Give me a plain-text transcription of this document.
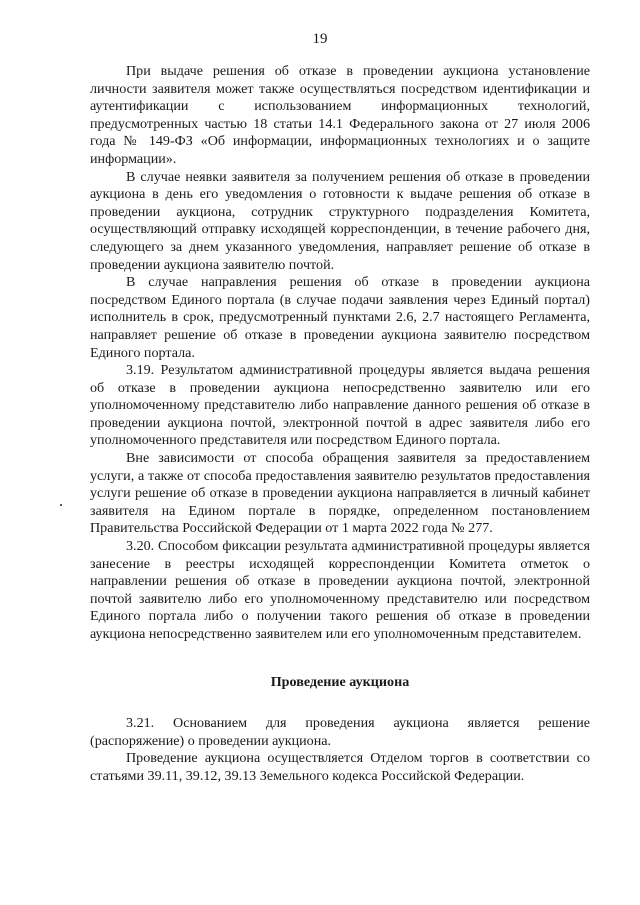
19

При выдаче решения об отказе в проведении аукциона установление личности заявителя может также осуществляться посредством идентификации и аутентификации с использованием информационных технологий, предусмотренных частью 18 статьи 14.1 Федерального закона от 27 июля 2006 года № 149-ФЗ «Об информации, информационных технологиях и о защите информации».

В случае неявки заявителя за получением решения об отказе в проведении аукциона в день его уведомления о готовности к выдаче решения об отказе в проведении аукциона, сотрудник структурного подразделения Комитета, осуществляющий отправку исходящей корреспонденции, в течение рабочего дня, следующего за днем указанного уведомления, направляет решение об отказе в проведении аукциона заявителю почтой.

В случае направления решения об отказе в проведении аукциона посредством Единого портала (в случае подачи заявления через Единый портал) исполнитель в срок, предусмотренный пунктами 2.6, 2.7 настоящего Регламента, направляет решение об отказе в проведении аукциона заявителю посредством Единого портала.

3.19. Результатом административной процедуры является выдача решения об отказе в проведении аукциона непосредственно заявителю или его уполномоченному представителю либо направление данного решения об отказе в проведении аукциона почтой, электронной почтой в адрес заявителя либо его уполномоченного представителя или посредством Единого портала.

Вне зависимости от способа обращения заявителя за предоставлением услуги, а также от способа предоставления заявителю результатов предоставления услуги решение об отказе в проведении аукциона направляется в личный кабинет заявителя на Едином портале в порядке, определенном постановлением Правительства Российской Федерации от 1 марта 2022 года № 277.

3.20. Способом фиксации результата административной процедуры является занесение в реестры исходящей корреспонденции Комитета отметок о направлении решения об отказе в проведении аукциона почтой, электронной почтой заявителю либо его уполномоченному представителю или посредством Единого портала либо о получении такого решения об отказе в проведении аукциона непосредственно заявителем или его уполномоченным представителем.

Проведение аукциона

3.21. Основанием для проведения аукциона является решение (распоряжение) о проведении аукциона.

Проведение аукциона осуществляется Отделом торгов в соответствии со статьями 39.11, 39.12, 39.13 Земельного кодекса Российской Федерации.
